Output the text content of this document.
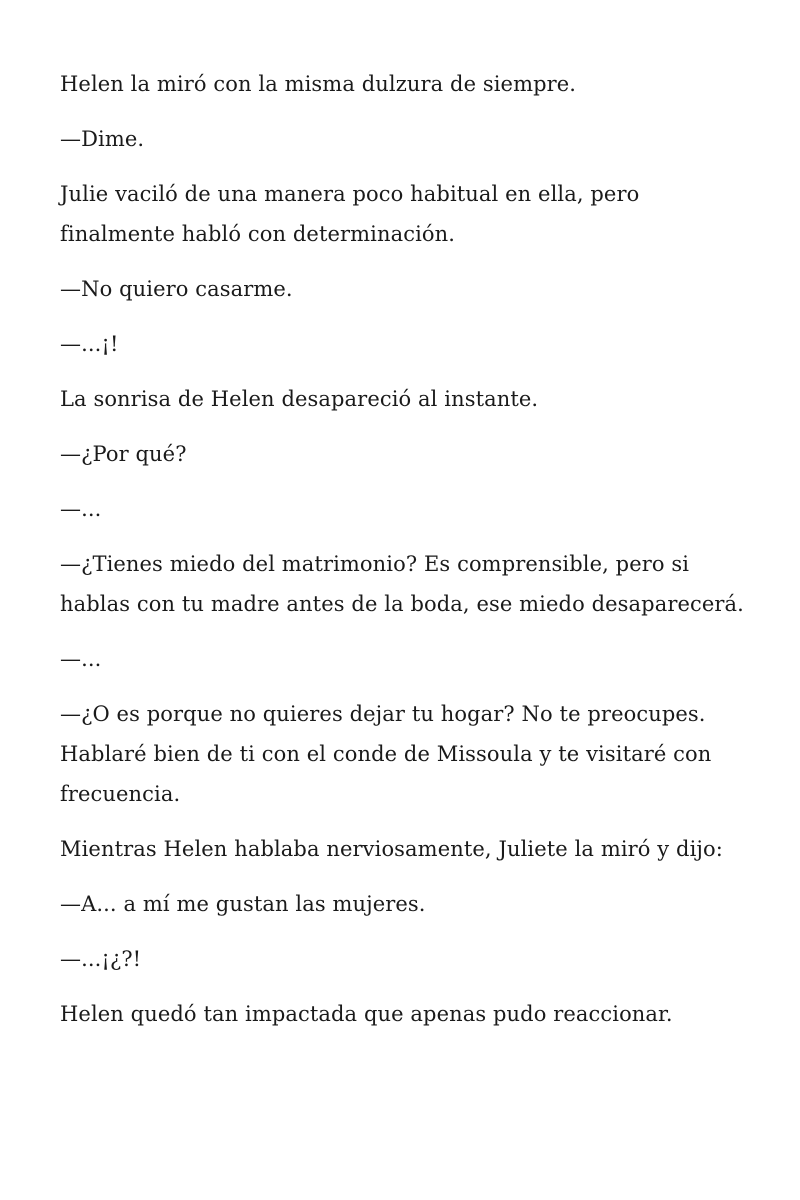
Helen la miró con la misma dulzura de siempre.

—Dime.

Julie vaciló de una manera poco habitual en ella, pero finalmente habló con determinación.

—No quiero casarme.

—...¡!

La sonrisa de Helen desapareció al instante.

—¿Por qué?

—...

—¿Tienes miedo del matrimonio? Es comprensible, pero si hablas con tu madre antes de la boda, ese miedo desaparecerá.

—...

—¿O es porque no quieres dejar tu hogar? No te preocupes. Hablaré bien de ti con el conde de Missoula y te visitaré con frecuencia.

Mientras Helen hablaba nerviosamente, Juliete la miró y dijo:

—A... a mí me gustan las mujeres.

—...¡¿?!

Helen quedó tan impactada que apenas pudo reaccionar.
